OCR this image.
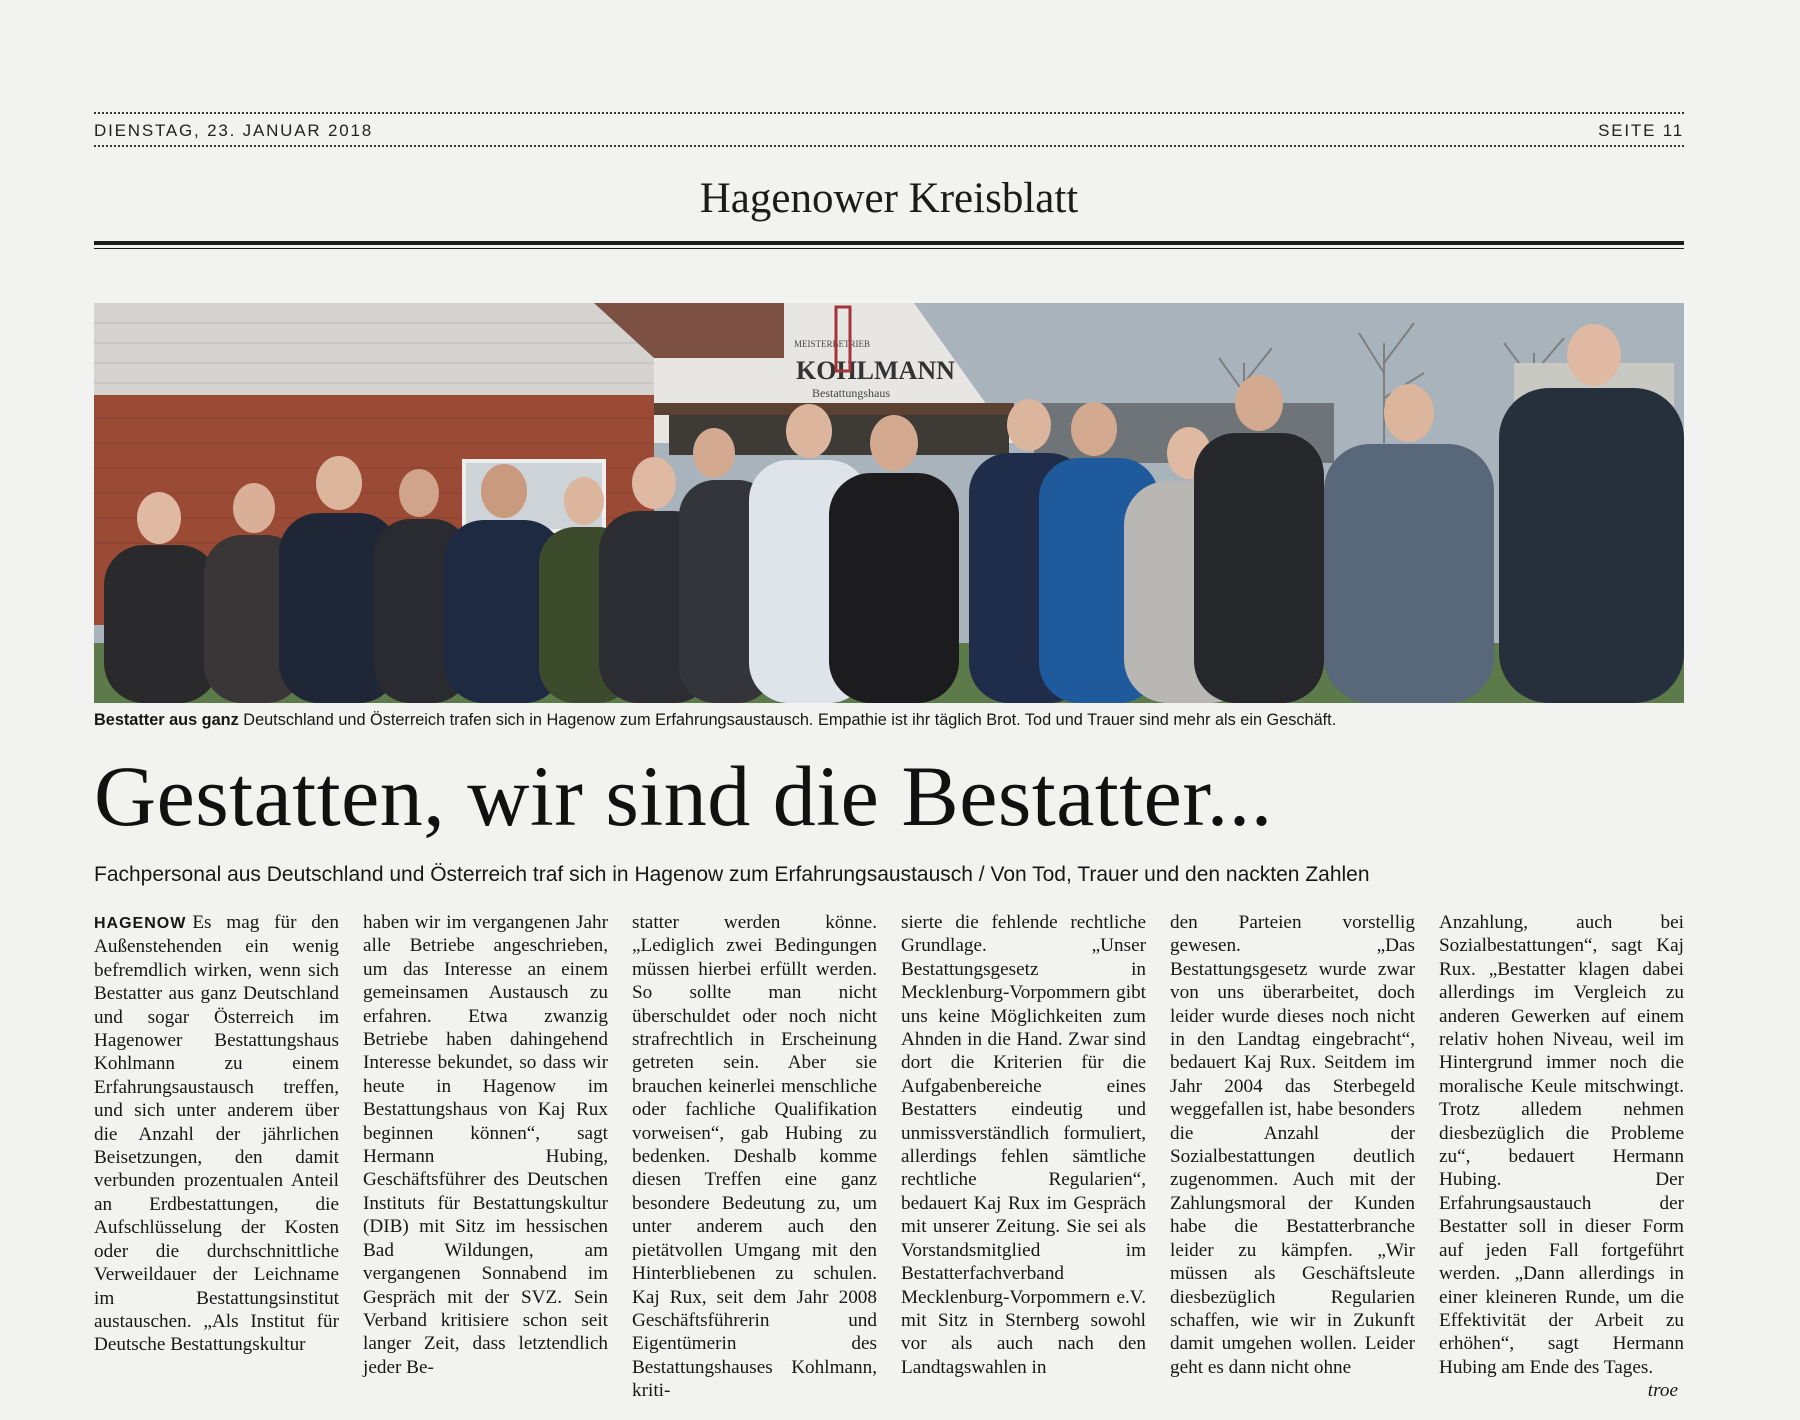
DIENSTAG, 23. JANUAR 2018	SEITE 11
Hagenower Kreisblatt
MEISTERBETRIEB
KOHLMANN
Bestattungshaus
Bestatter aus ganz Deutschland und Österreich trafen sich in Hagenow zum Erfahrungsaustausch. Empathie ist ihr täglich Brot. Tod und Trauer sind mehr als ein Geschäft.
Gestatten, wir sind die Bestatter...
Fachpersonal aus Deutschland und Österreich traf sich in Hagenow zum Erfahrungsaustausch / Von Tod, Trauer und den nackten Zahlen
HAGENOW Es mag für den Außenstehenden ein wenig befremdlich wirken, wenn sich Bestatter aus ganz Deutschland und sogar Österreich im Hagenower Bestattungshaus Kohlmann zu einem Erfahrungsaustausch treffen, und sich unter anderem über die Anzahl der jährlichen Beisetzungen, den damit verbunden prozentualen Anteil an Erdbestattungen, die Aufschlüsselung der Kosten oder die durchschnittliche Verweildauer der Leichname im Bestattungsinstitut austauschen. „Als Institut für Deutsche Bestattungskultur
haben wir im vergangenen Jahr alle Betriebe angeschrieben, um das Interesse an einem gemeinsamen Austausch zu erfahren. Etwa zwanzig Betriebe haben dahingehend Interesse bekundet, so dass wir heute in Hagenow im Bestattungshaus von Kaj Rux beginnen können“, sagt Hermann Hubing, Geschäftsführer des Deutschen Instituts für Bestattungskultur (DIB) mit Sitz im hessischen Bad Wildungen, am vergangenen Sonnabend im Gespräch mit der SVZ. Sein Verband kritisiere schon seit langer Zeit, dass letztendlich jeder Be-
statter werden könne. „Lediglich zwei Bedingungen müssen hierbei erfüllt werden. So sollte man nicht überschuldet oder noch nicht strafrechtlich in Erscheinung getreten sein. Aber sie brauchen keinerlei menschliche oder fachliche Qualifikation vorweisen“, gab Hubing zu bedenken. Deshalb komme diesen Treffen eine ganz besondere Bedeutung zu, um unter anderem auch den pietätvollen Umgang mit den Hinterbliebenen zu schulen. Kaj Rux, seit dem Jahr 2008 Geschäftsführerin und Eigentümerin des Bestattungshauses Kohlmann, kriti-
sierte die fehlende rechtliche Grundlage. „Unser Bestattungsgesetz in Mecklenburg-Vorpommern gibt uns keine Möglichkeiten zum Ahnden in die Hand. Zwar sind dort die Kriterien für die Aufgabenbereiche eines Bestatters eindeutig und unmissverständlich formuliert, allerdings fehlen sämtliche rechtliche Regularien“, bedauert Kaj Rux im Gespräch mit unserer Zeitung. Sie sei als Vorstandsmitglied im Bestatterfachverband Mecklenburg-Vorpommern e.V. mit Sitz in Sternberg sowohl vor als auch nach den Landtagswahlen in
den Parteien vorstellig gewesen. „Das Bestattungsgesetz wurde zwar von uns überarbeitet, doch leider wurde dieses noch nicht in den Landtag eingebracht“, bedauert Kaj Rux. Seitdem im Jahr 2004 das Sterbegeld weggefallen ist, habe besonders die Anzahl der Sozialbestattungen deutlich zugenommen. Auch mit der Zahlungsmoral der Kunden habe die Bestatterbranche leider zu kämpfen. „Wir müssen als Geschäftsleute diesbezüglich Regularien schaffen, wie wir in Zukunft damit umgehen wollen. Leider geht es dann nicht ohne
Anzahlung, auch bei Sozialbestattungen“, sagt Kaj Rux. „Bestatter klagen dabei allerdings im Vergleich zu anderen Gewerken auf einem relativ hohen Niveau, weil im Hintergrund immer noch die moralische Keule mitschwingt. Trotz alledem nehmen diesbezüglich die Probleme zu“, bedauert Hermann Hubing. Der Erfahrungsaustauch der Bestatter soll in dieser Form auf jeden Fall fortgeführt werden. „Dann allerdings in einer kleineren Runde, um die Effektivität der Arbeit zu erhöhen“, sagt Hermann Hubing am Ende des Tages.
troe
